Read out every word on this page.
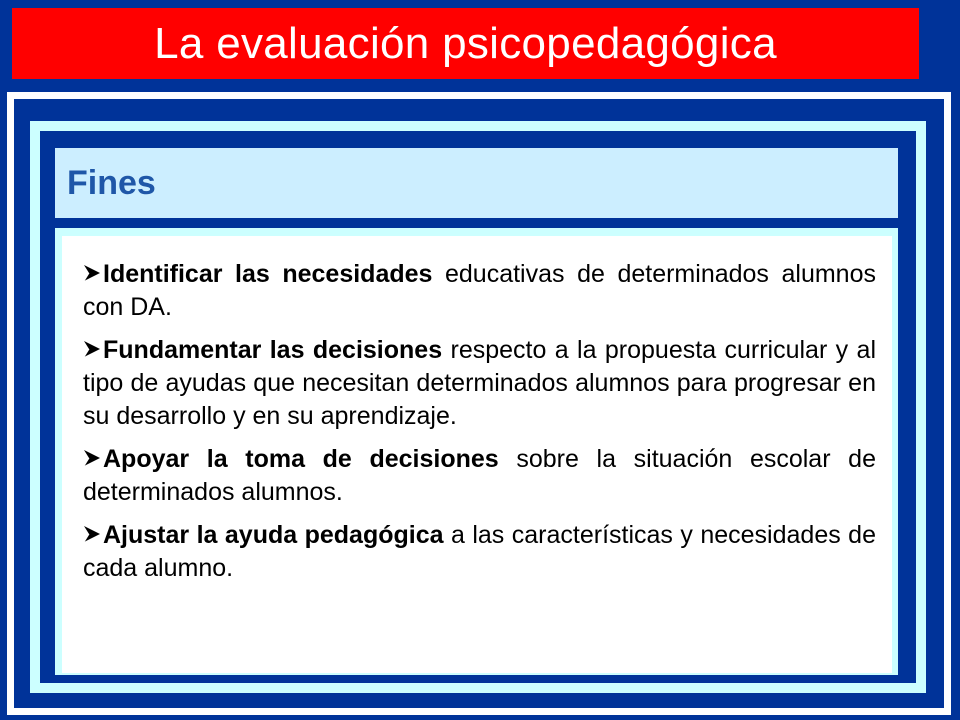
La evaluación psicopedagógica
Fines
Identificar las necesidades educativas de determinados alumnos con DA.
Fundamentar las decisiones respecto a la propuesta curricular y al tipo de ayudas que necesitan determinados alumnos para progresar en su desarrollo y en su aprendizaje.
Apoyar la toma de decisiones sobre la situación escolar de determinados alumnos.
Ajustar la ayuda pedagógica a las características y necesidades de cada alumno.
